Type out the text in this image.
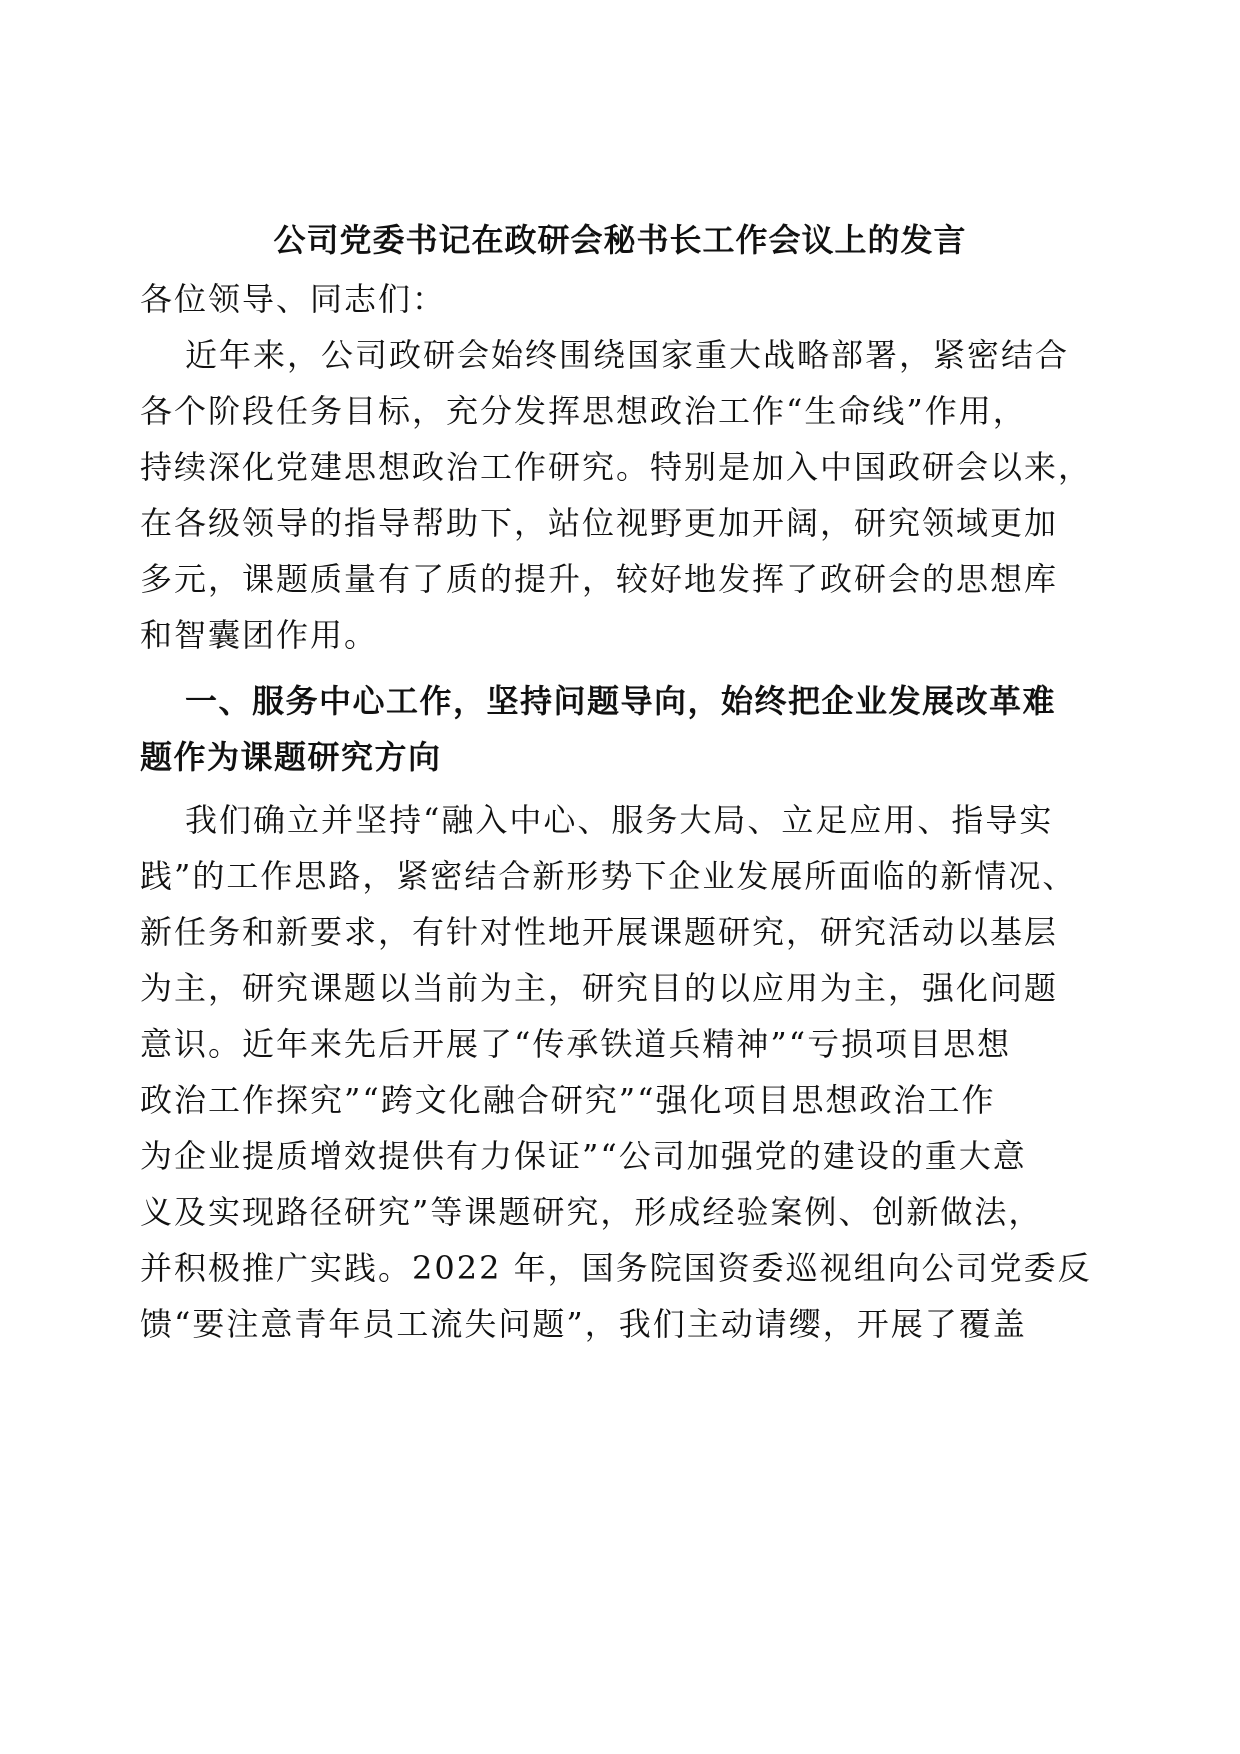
公司党委书记在政研会秘书长工作会议上的发言
各位领导、同志们：
近年来，公司政研会始终围绕国家重大战略部署，紧密结合
各个阶段任务目标，充分发挥思想政治工作“生命线”作用，
持续深化党建思想政治工作研究。特别是加入中国政研会以来，
在各级领导的指导帮助下，站位视野更加开阔，研究领域更加
多元，课题质量有了质的提升，较好地发挥了政研会的思想库
和智囊团作用。
一、服务中心工作，坚持问题导向，始终把企业发展改革难
题作为课题研究方向
我们确立并坚持“融入中心、服务大局、立足应用、指导实
践”的工作思路，紧密结合新形势下企业发展所面临的新情况、
新任务和新要求，有针对性地开展课题研究，研究活动以基层
为主，研究课题以当前为主，研究目的以应用为主，强化问题
意识。近年来先后开展了“传承铁道兵精神”“亏损项目思想
政治工作探究”“跨文化融合研究”“强化项目思想政治工作
为企业提质增效提供有力保证”“公司加强党的建设的重大意
义及实现路径研究”等课题研究，形成经验案例、创新做法，
并积极推广实践。2022 年，国务院国资委巡视组向公司党委反
馈“要注意青年员工流失问题”，我们主动请缨，开展了覆盖
